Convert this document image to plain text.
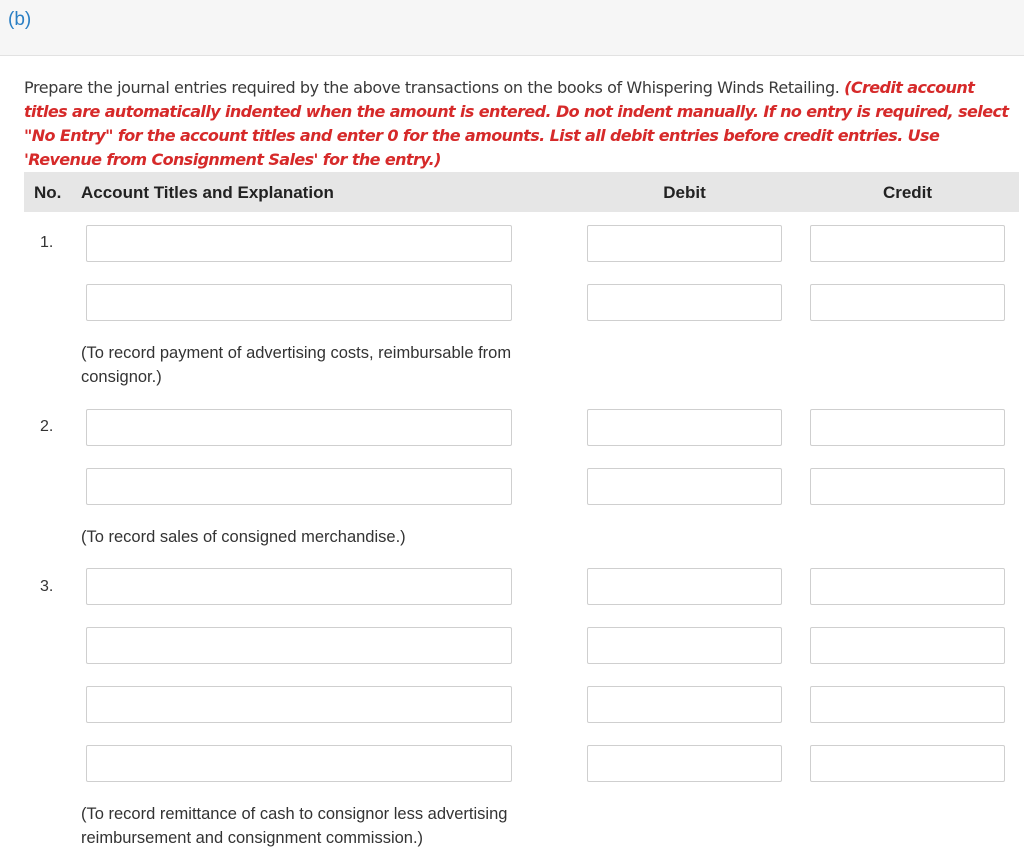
(b)
Prepare the journal entries required by the above transactions on the books of Whispering Winds Retailing. (Credit account titles are automatically indented when the amount is entered. Do not indent manually. If no entry is required, select "No Entry" for the account titles and enter 0 for the amounts. List all debit entries before credit entries. Use 'Revenue from Consignment Sales' for the entry.)
No. Account Titles and Explanation	Debit	Credit
1.
(To record payment of advertising costs, reimbursable from consignor.)
2.
(To record sales of consigned merchandise.)
3.
(To record remittance of cash to consignor less advertising reimbursement and consignment commission.)
